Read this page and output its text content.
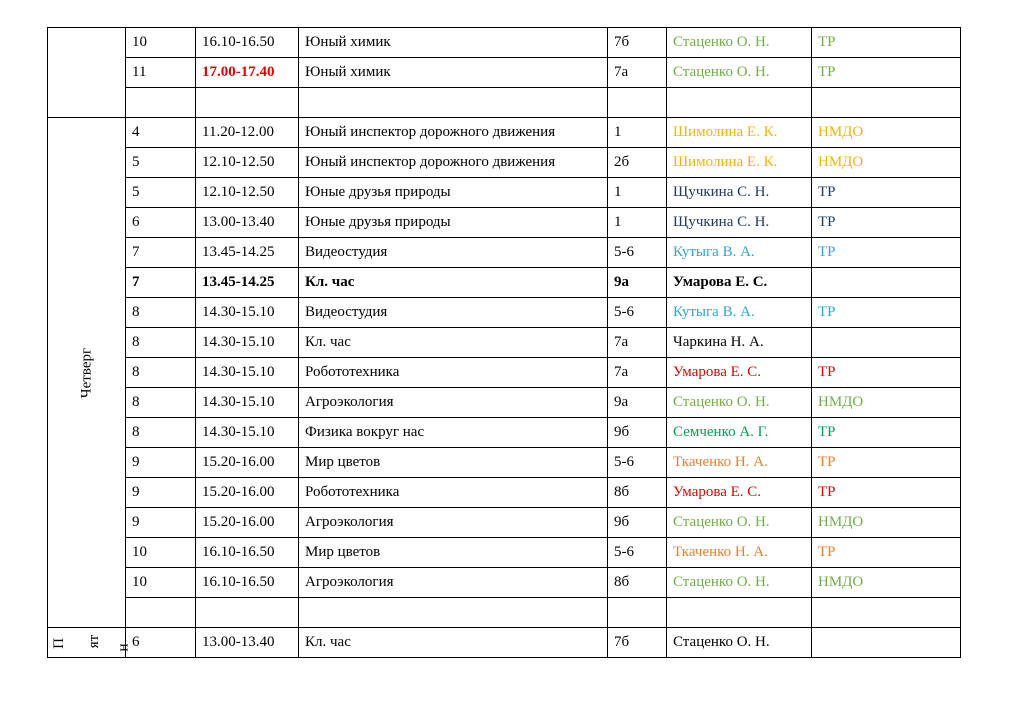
	10	16.10-16.50	Юный химик	7б	Стаценко О. Н.	ТР
	11	17.00-17.40	Юный химик	7а	Стаценко О. Н.	ТР

Четверг	4	11.20-12.00	Юный инспектор дорожного движения	1	Шимолина Е. К.	НМДО
	5	12.10-12.50	Юный инспектор дорожного движения	2б	Шимолина Е. К.	НМДО
	5	12.10-12.50	Юные друзья природы	1	Щучкина С. Н.	ТР
	6	13.00-13.40	Юные друзья природы	1	Щучкина С. Н.	ТР
	7	13.45-14.25	Видеостудия	5-6	Кутыга В. А.	ТР
	7	13.45-14.25	Кл. час	9а	Умарова Е. С.	
	8	14.30-15.10	Видеостудия	5-6	Кутыга В. А.	ТР
	8	14.30-15.10	Кл. час	7а	Чаркина Н. А.	
	8	14.30-15.10	Робототехника	7а	Умарова Е. С.	ТР
	8	14.30-15.10	Агроэкология	9а	Стаценко О. Н.	НМДО
	8	14.30-15.10	Физика вокруг нас	9б	Семченко А. Г.	ТР
	9	15.20-16.00	Мир цветов	5-6	Ткаченко Н. А.	ТР
	9	15.20-16.00	Робототехника	8б	Умарова Е. С.	ТР
	9	15.20-16.00	Агроэкология	9б	Стаценко О. Н.	НМДО
	10	16.10-16.50	Мир цветов	5-6	Ткаченко Н. А.	ТР
	10	16.10-16.50	Агроэкология	8б	Стаценко О. Н.	НМДО

П ят н	6	13.00-13.40	Кл. час	7б	Стаценко О. Н.	
